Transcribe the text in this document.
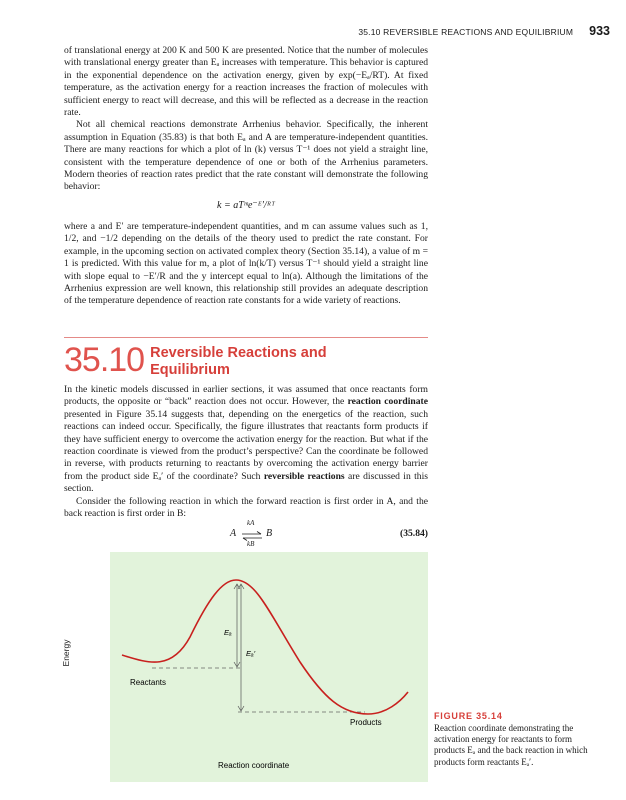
35.10 REVERSIBLE REACTIONS AND EQUILIBRIUM 933

of translational energy at 200 K and 500 K are presented. Notice that the number of molecules with translational energy greater than Eₐ increases with temperature. This behavior is captured in the exponential dependence on the activation energy, given by exp(−Eₐ/RT). At fixed temperature, as the activation energy for a reaction increases the fraction of molecules with sufficient energy to react will decrease, and this will be reflected as a decrease in the reaction rate.

Not all chemical reactions demonstrate Arrhenius behavior. Specifically, the inherent assumption in Equation (35.83) is that both Eₐ and A are temperature-independent quantities. There are many reactions for which a plot of ln (k) versus T⁻¹ does not yield a straight line, consistent with the temperature dependence of one or both of the Arrhenius parameters. Modern theories of reaction rates predict that the rate constant will demonstrate the following behavior:

k = aTᵐe⁻ᴱ′/ᴿᵀ

where a and E′ are temperature-independent quantities, and m can assume values such as 1, 1/2, and −1/2 depending on the details of the theory used to predict the rate constant. For example, in the upcoming section on activated complex theory (Section 35.14), a value of m = 1 is predicted. With this value for m, a plot of ln(k/T) versus T⁻¹ should yield a straight line with slope equal to −E′/R and the y intercept equal to ln(a). Although the limitations of the Arrhenius expression are well known, this relationship still provides an adequate description of the temperature dependence of reaction rate constants for a wide variety of reactions.

35.10 Reversible Reactions and Equilibrium

In the kinetic models discussed in earlier sections, it was assumed that once reactants form products, the opposite or “back” reaction does not occur. However, the reaction coordinate presented in Figure 35.14 suggests that, depending on the energetics of the reaction, such reactions can indeed occur. Specifically, the figure illustrates that reactants form products if they have sufficient energy to overcome the activation energy for the reaction. But what if the reaction coordinate is viewed from the product’s perspective? Can the coordinate be followed in reverse, with products returning to reactants by overcoming the activation energy barrier from the product side Eₐ′ of the coordinate? Such reversible reactions are discussed in this section.

Consider the following reaction in which the forward reaction is first order in A, and the back reaction is first order in B:

A
kA
kB
B	(35.84)
Energy
Eₐ
Eₐ′
Reactants
Products
Reaction coordinate
FIGURE 35.14
Reaction coordinate demonstrating the activation energy for reactants to form products Eₐ and the back reaction in which products form reactants Eₐ′.
